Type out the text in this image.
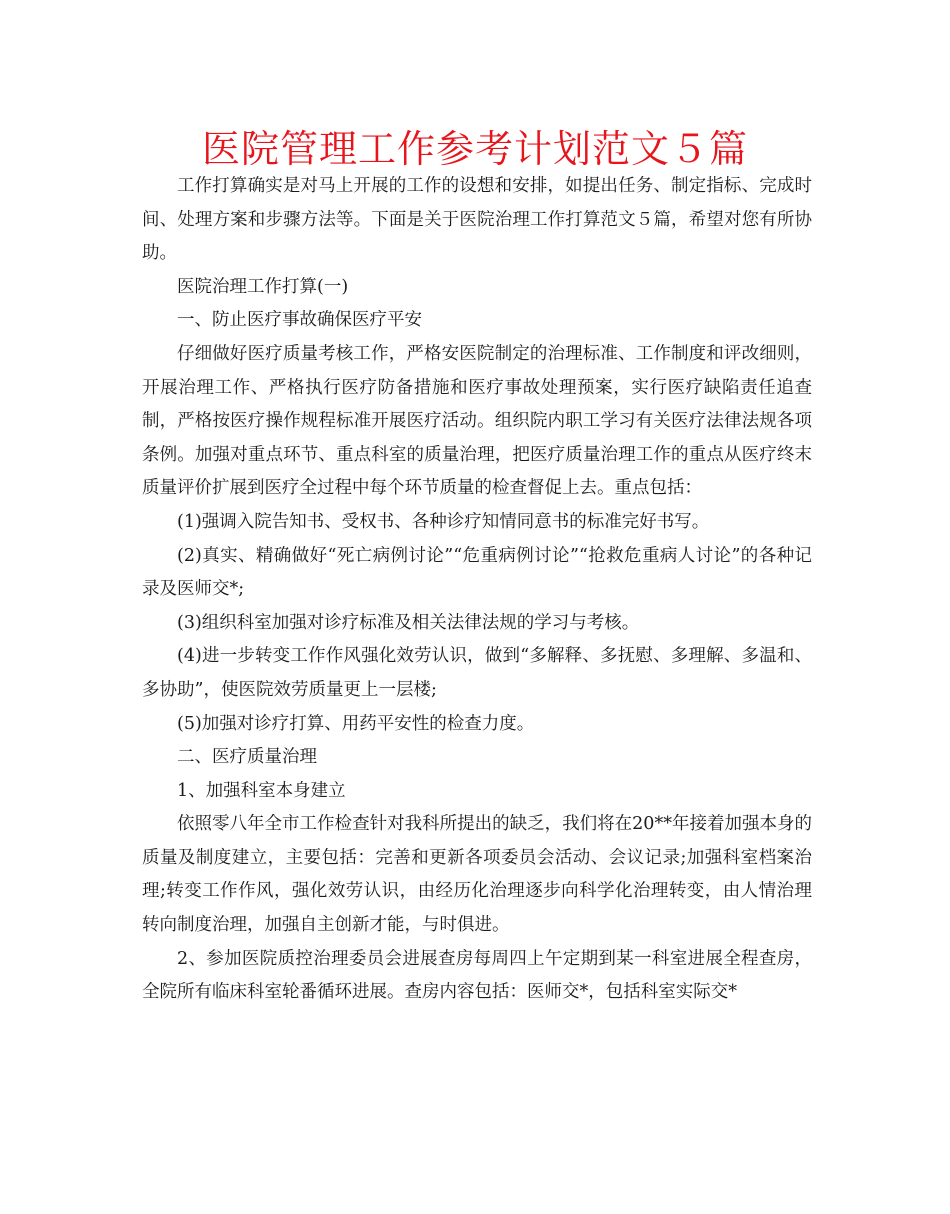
医院管理工作参考计划范文５篇

工作打算确实是对马上开展的工作的设想和安排，如提出任务、制定指标、完成时间、处理方案和步骤方法等。下面是关于医院治理工作打算范文５篇，希望对您有所协助。

医院治理工作打算(一)

一、防止医疗事故确保医疗平安

仔细做好医疗质量考核工作，严格安医院制定的治理标准、工作制度和评改细则，开展治理工作、严格执行医疗防备措施和医疗事故处理预案，实行医疗缺陷责任追查制，严格按医疗操作规程标准开展医疗活动。组织院内职工学习有关医疗法律法规各项条例。加强对重点环节、重点科室的质量治理，把医疗质量治理工作的重点从医疗终末质量评价扩展到医疗全过程中每个环节质量的检查督促上去。重点包括：

(1)强调入院告知书、受权书、各种诊疗知情同意书的标准完好书写。

(2)真实、精确做好“死亡病例讨论”“危重病例讨论”“抢救危重病人讨论”的各种记录及医师交*;

(3)组织科室加强对诊疗标准及相关法律法规的学习与考核。

(4)进一步转变工作作风强化效劳认识，做到“多解释、多抚慰、多理解、多温和、多协助”，使医院效劳质量更上一层楼;

(5)加强对诊疗打算、用药平安性的检查力度。

二、医疗质量治理

1、加强科室本身建立

依照零八年全市工作检查针对我科所提出的缺乏，我们将在20**年接着加强本身的质量及制度建立，主要包括：完善和更新各项委员会活动、会议记录;加强科室档案治理;转变工作作风，强化效劳认识，由经历化治理逐步向科学化治理转变，由人情治理转向制度治理，加强自主创新才能，与时俱进。

2、参加医院质控治理委员会进展查房每周四上午定期到某一科室进展全程查房，全院所有临床科室轮番循环进展。查房内容包括：医师交*，包括科室实际交*
